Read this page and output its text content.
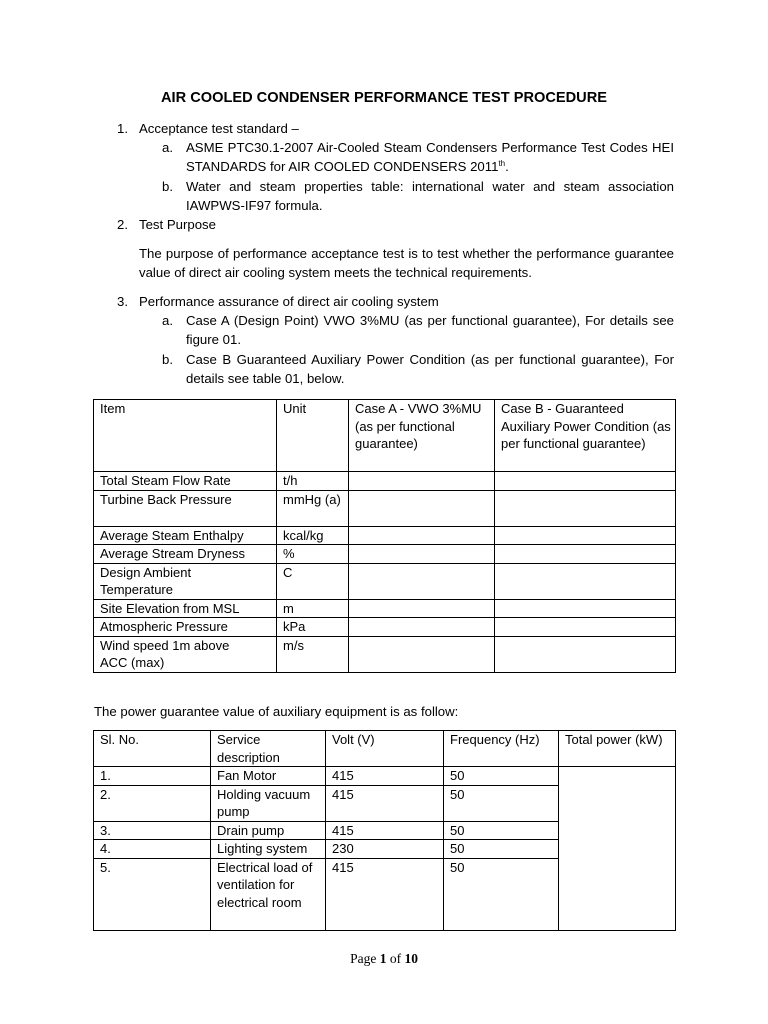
AIR COOLED CONDENSER PERFORMANCE TEST PROCEDURE
1. Acceptance test standard –
a. ASME PTC30.1-2007 Air-Cooled Steam Condensers Performance Test Codes HEI STANDARDS for AIR COOLED CONDENSERS 2011th.
b. Water and steam properties table: international water and steam association IAWPWS-IF97 formula.
2. Test Purpose
The purpose of performance acceptance test is to test whether the performance guarantee value of direct air cooling system meets the technical requirements.
3. Performance assurance of direct air cooling system
a. Case A (Design Point) VWO 3%MU (as per functional guarantee), For details see figure 01.
b. Case B Guaranteed Auxiliary Power Condition (as per functional guarantee), For details see table 01, below.
Item	Unit	Case A - VWO 3%MU (as per functional guarantee)	Case B - Guaranteed Auxiliary Power Condition (as per functional guarantee)
Total Steam Flow Rate	t/h		
Turbine Back Pressure	mmHg (a)		
Average Steam Enthalpy	kcal/kg		
Average Stream Dryness	%		
Design Ambient Temperature	C		
Site Elevation from MSL	m		
Atmospheric Pressure	kPa		
Wind speed 1m above ACC (max)	m/s		
The power guarantee value of auxiliary equipment is as follow:
Sl. No.	Service description	Volt (V)	Frequency (Hz)	Total power (kW)
1.	Fan Motor	415	50	
2.	Holding vacuum pump	415	50	
3.	Drain pump	415	50	
4.	Lighting system	230	50	
5.	Electrical load of ventilation for electrical room	415	50	
Page 1 of 10
